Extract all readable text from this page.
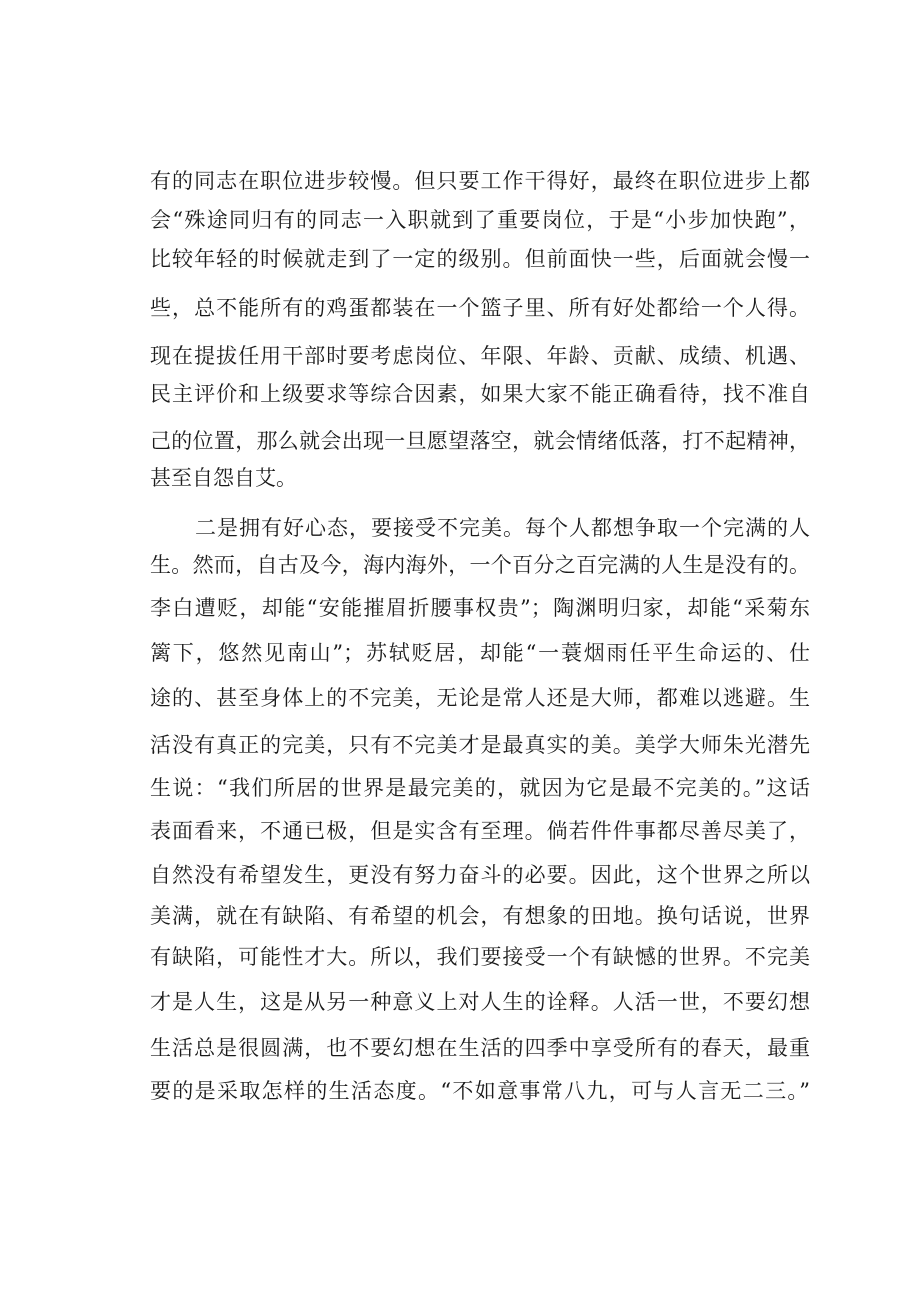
有的同志在职位进步较慢。但只要工作干得好，最终在职位进步上都
会“殊途同归有的同志一入职就到了重要岗位，于是“小步加快跑”，
比较年轻的时候就走到了一定的级别。但前面快一些，后面就会慢一
些，总不能所有的鸡蛋都装在一个篮子里、所有好处都给一个人得。
现在提拔任用干部时要考虑岗位、年限、年龄、贡献、成绩、机遇、
民主评价和上级要求等综合因素，如果大家不能正确看待，找不准自
己的位置，那么就会出现一旦愿望落空，就会情绪低落，打不起精神，
甚至自怨自艾。
二是拥有好心态，要接受不完美。每个人都想争取一个完满的人
生。然而，自古及今，海内海外，一个百分之百完满的人生是没有的。
李白遭贬，却能“安能摧眉折腰事权贵”；陶渊明归家，却能“采菊东
篱下，悠然见南山”；苏轼贬居，却能“一蓑烟雨任平生命运的、仕
途的、甚至身体上的不完美，无论是常人还是大师，都难以逃避。生
活没有真正的完美，只有不完美才是最真实的美。美学大师朱光潜先
生说：“我们所居的世界是最完美的，就因为它是最不完美的。”这话
表面看来，不通已极，但是实含有至理。倘若件件事都尽善尽美了，
自然没有希望发生，更没有努力奋斗的必要。因此，这个世界之所以
美满，就在有缺陷、有希望的机会，有想象的田地。换句话说，世界
有缺陷，可能性才大。所以，我们要接受一个有缺憾的世界。不完美
才是人生，这是从另一种意义上对人生的诠释。人活一世，不要幻想
生活总是很圆满，也不要幻想在生活的四季中享受所有的春天，最重
要的是采取怎样的生活态度。“不如意事常八九，可与人言无二三。”
